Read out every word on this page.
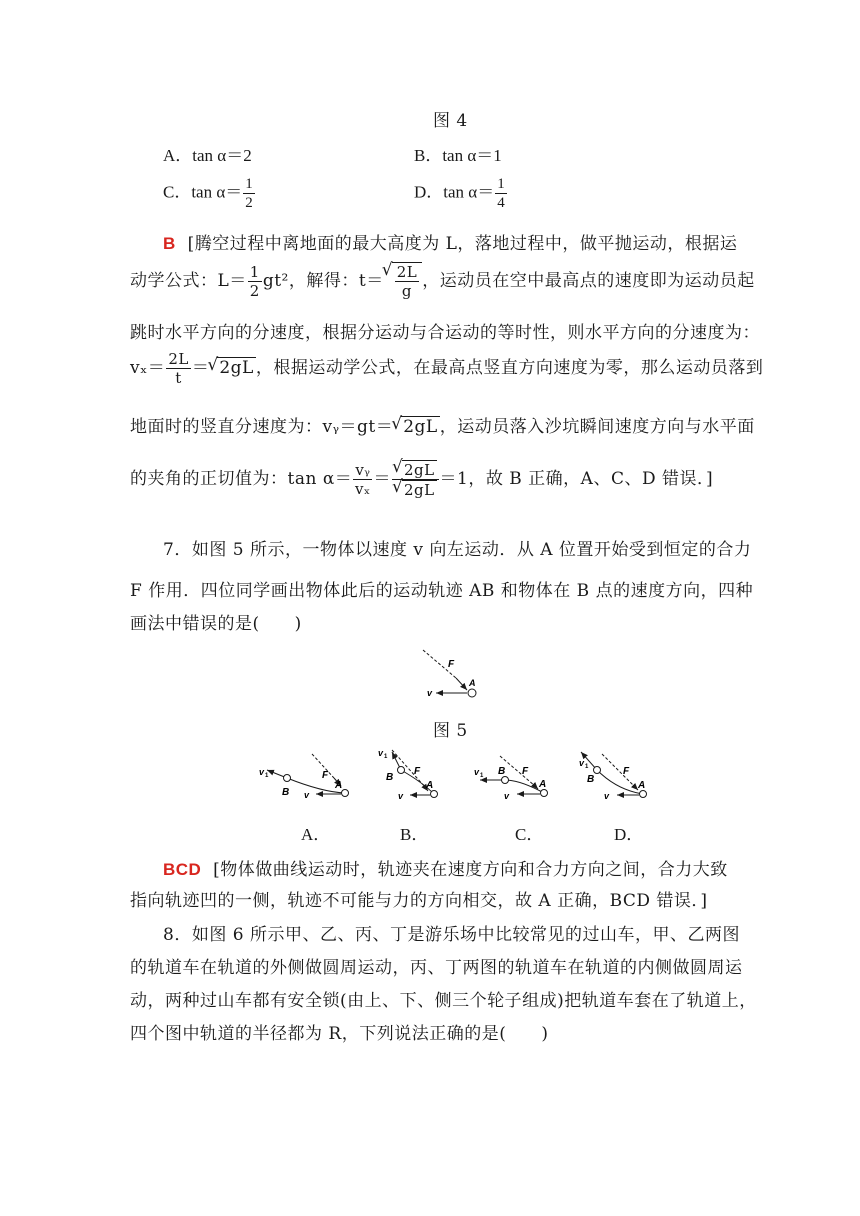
图 4
A．tan α＝2	B．tan α＝1
C．$\tan \alpha= \frac{1}{2}$	D．$\tan \alpha= \frac{1}{4}$
B [腾空过程中离地面的最大高度为 L，落地过程中，做平抛运动，根据运
动学公式：$L= \frac{1}{2} gt^2$，解得：t＝ √ $\frac{2L}{g}$ ，运动员在空中最高点的速度即为运动员起
跳时水平方向的分速度，根据分运动与合运动的等时性，则水平方向的分速度为：
$v_x= \frac{2L}{t}$ ＝ √ 2gL ，根据运动学公式，在最高点竖直方向速度为零，那么运动员落到
地面时的竖直分速度为：vᵧ＝gt＝ √ 2gL ，运动员落入沙坑瞬间速度方向与水平面
的夹角的正切值为：$\tan \alpha= \frac{\text{vᵧ}}{\text{vₓ}}$ ＝ √ 2gL
√ 2gL ＝1，故 B 正确，A、C、D 错误．]
7．如图 5 所示，一物体以速度 v 向左运动．从 A 位置开始受到恒定的合力
F 作用．四位同学画出物体此后的运动轨迹 AB 和物体在 B 点的速度方向，四种
画法中错误的是(　　)
F
A
v
图 5
v 1
B
F
A
v
v 1
B
F
A
v
v 1 B F
A
v
v 1
B
F
A
v
A．	B．	C．	D．
BCD [物体做曲线运动时，轨迹夹在速度方向和合力方向之间，合力大致
指向轨迹凹的一侧，轨迹不可能与力的方向相交，故 A 正确，BCD 错误．]
8．如图 6 所示甲、乙、丙、丁是游乐场中比较常见的过山车，甲、乙两图
的轨道车在轨道的外侧做圆周运动，丙、丁两图的轨道车在轨道的内侧做圆周运
动，两种过山车都有安全锁(由上、下、侧三个轮子组成)把轨道车套在了轨道上，
四个图中轨道的半径都为 R，下列说法正确的是(　　)
